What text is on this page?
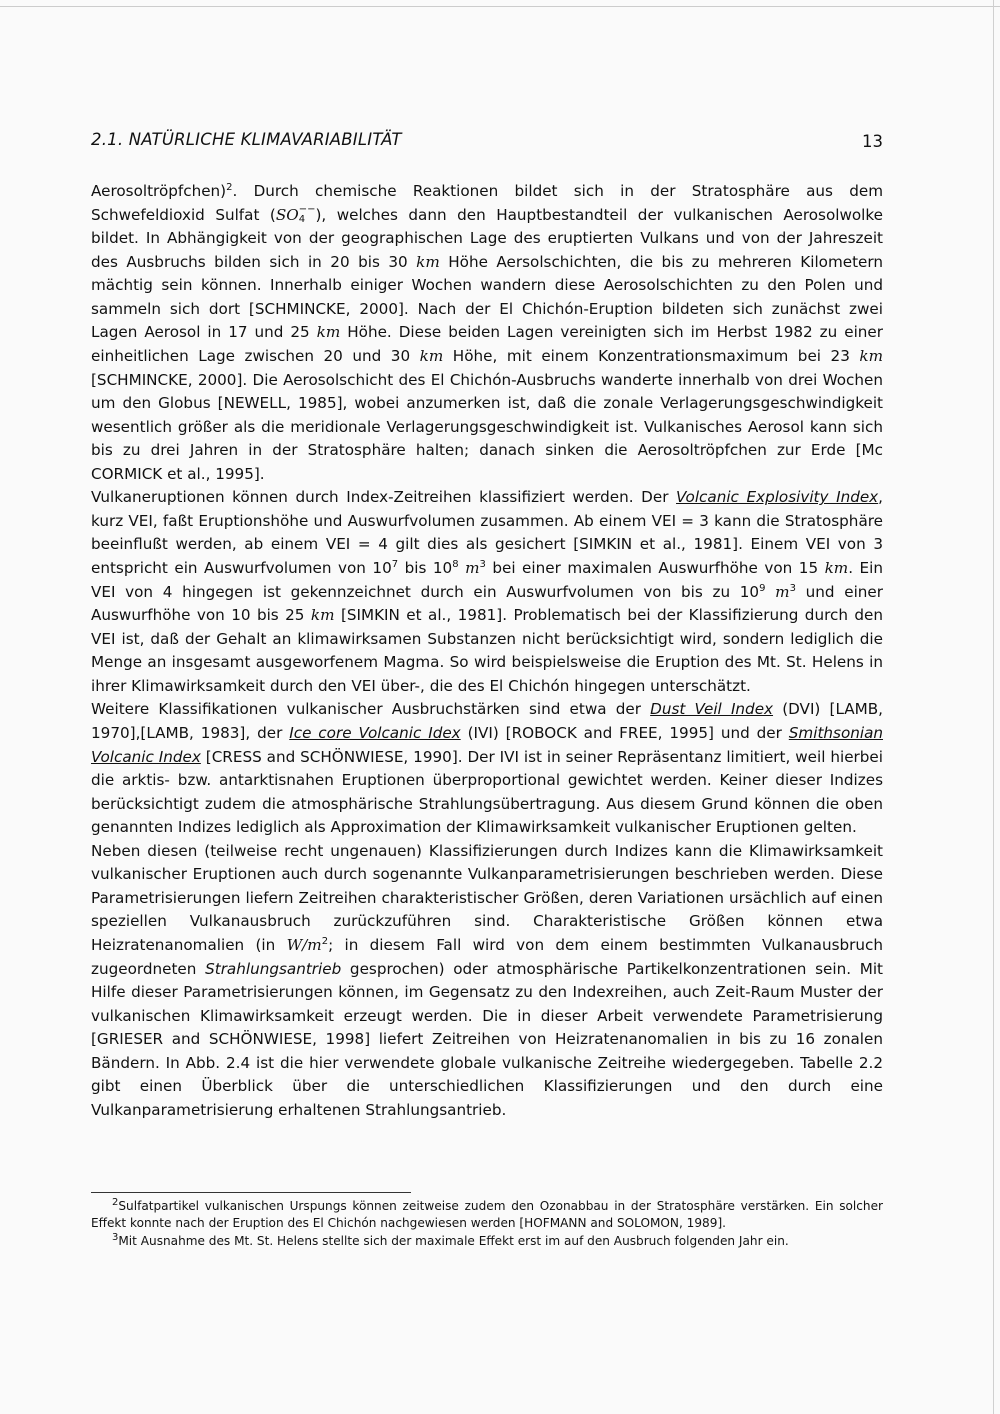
2.1. NATÜRLICHE KLIMAVARIABILITÄT	13

Aerosoltröpfchen)$^2$. Durch chemische Reaktionen bildet sich in der Stratosphäre aus dem Schwefeldioxid Sulfat (SO −−
4 ), welches dann den Hauptbestandteil der vulkanischen Aerosolwolke bildet. In Abhängigkeit von der geographischen Lage des eruptierten Vulkans und von der Jahreszeit des Ausbruchs bilden sich in 20 bis 30 km Höhe Aersolschichten, die bis zu mehreren Kilometern mächtig sein können. Innerhalb einiger Wochen wandern diese Aerosolschichten zu den Polen und sammeln sich dort [SCHMINCKE, 2000]. Nach der El Chichón-Eruption bildeten sich zunächst zwei Lagen Aerosol in 17 und 25 km Höhe. Diese beiden Lagen vereinigten sich im Herbst 1982 zu einer einheitlichen Lage zwischen 20 und 30 km Höhe, mit einem Konzentrationsmaximum bei 23 km [SCHMINCKE, 2000]. Die Aerosolschicht des El Chichón-Ausbruchs wanderte innerhalb von drei Wochen um den Globus [NEWELL, 1985], wobei anzumerken ist, daß die zonale Verlagerungsgeschwindigkeit wesentlich größer als die meridionale Verlagerungsgeschwindigkeit ist. Vulkanisches Aerosol kann sich bis zu drei Jahren in der Stratosphäre halten; danach sinken die Aerosoltröpfchen zur Erde [Mc CORMICK et al., 1995].

Vulkaneruptionen können durch Index-Zeitreihen klassifiziert werden. Der Volcanic Explosivity Index, kurz VEI, faßt Eruptionshöhe und Auswurfvolumen zusammen. Ab einem VEI = 3 kann die Stratosphäre beeinflußt werden, ab einem VEI = 4 gilt dies als gesichert [SIMKIN et al., 1981]. Einem VEI von 3 entspricht ein Auswurfvolumen von $10^7$ bis $10^8$ $m^3$ bei einer maximalen Auswurfhöhe von 15 km. Ein VEI von 4 hingegen ist gekennzeichnet durch ein Auswurfvolumen von bis zu $10^9$ $m^3$ und einer Auswurfhöhe von 10 bis 25 km [SIMKIN et al., 1981]. Problematisch bei der Klassifizierung durch den VEI ist, daß der Gehalt an klimawirksamen Substanzen nicht berücksichtigt wird, sondern lediglich die Menge an insgesamt ausgeworfenem Magma. So wird beispielsweise die Eruption des Mt. St. Helens in ihrer Klimawirksamkeit durch den VEI über-, die des El Chichón hingegen unterschätzt.

Weitere Klassifikationen vulkanischer Ausbruchstärken sind etwa der Dust Veil Index (DVI) [LAMB, 1970],[LAMB, 1983], der Ice core Volcanic Idex (IVI) [ROBOCK and FREE, 1995] und der Smithsonian Volcanic Index [CRESS and SCHÖNWIESE, 1990]. Der IVI ist in seiner Repräsentanz limitiert, weil hierbei die arktis- bzw. antarktisnahen Eruptionen überproportional gewichtet werden. Keiner dieser Indizes berücksichtigt zudem die atmosphärische Strahlungsübertragung. Aus diesem Grund können die oben genannten Indizes lediglich als Approximation der Klimawirksamkeit vulkanischer Eruptionen gelten.

Neben diesen (teilweise recht ungenauen) Klassifizierungen durch Indizes kann die Klimawirksamkeit vulkanischer Eruptionen auch durch sogenannte Vulkanparametrisierungen beschrieben werden. Diese Parametrisierungen liefern Zeitreihen charakteristischer Größen, deren Variationen ursächlich auf einen speziellen Vulkanausbruch zurückzuführen sind. Charakteristische Größen können etwa Heizratenanomalien (in $W/m^2$; in diesem Fall wird von dem einem bestimmten Vulkanausbruch zugeordneten Strahlungsantrieb gesprochen) oder atmosphärische Partikelkonzentrationen sein. Mit Hilfe dieser Parametrisierungen können, im Gegensatz zu den Indexreihen, auch Zeit-Raum Muster der vulkanischen Klimawirksamkeit erzeugt werden. Die in dieser Arbeit verwendete Parametrisierung [GRIESER and SCHÖNWIESE, 1998] liefert Zeitreihen von Heizratenanomalien in bis zu 16 zonalen Bändern. In Abb. 2.4 ist die hier verwendete globale vulkanische Zeitreihe wiedergegeben. Tabelle 2.2 gibt einen Überblick über die unterschiedlichen Klassifizierungen und den durch eine Vulkanparametrisierung erhaltenen Strahlungsantrieb.

$^2$Sulfatpartikel vulkanischen Urspungs können zeitweise zudem den Ozonabbau in der Stratosphäre verstärken. Ein solcher Effekt konnte nach der Eruption des El Chichón nachgewiesen werden [HOFMANN and SOLOMON, 1989].

$^3$Mit Ausnahme des Mt. St. Helens stellte sich der maximale Effekt erst im auf den Ausbruch folgenden Jahr ein.
